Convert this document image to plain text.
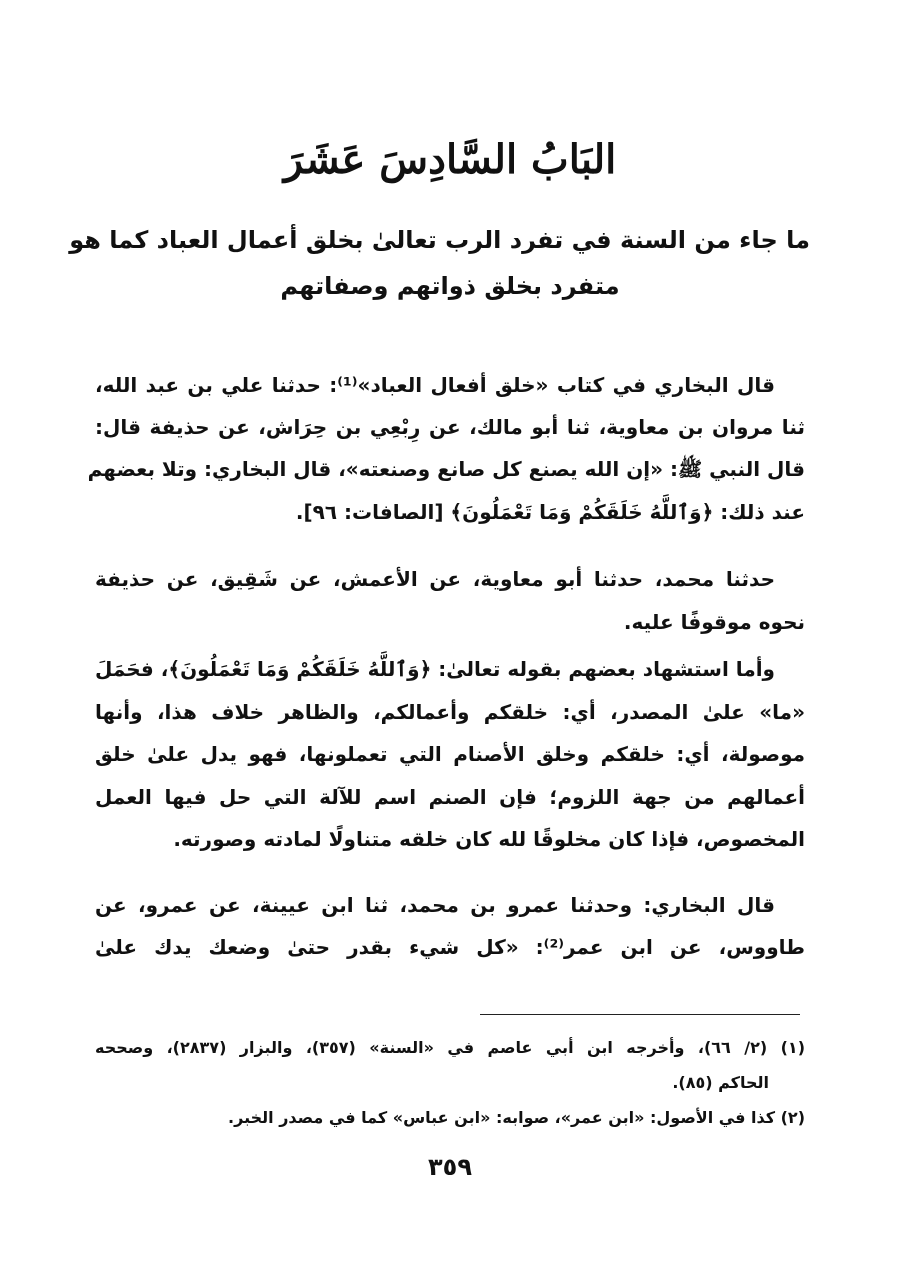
البَابُ السَّادِسَ عَشَرَ
ما جاء من السنة في تفرد الرب تعالىٰ بخلق أعمال العباد كما هو
متفرد بخلق ذواتهم وصفاتهم
قال البخاري في كتاب «خلق أفعال العباد»⁽¹⁾: حدثنا علي بن عبد الله،
ثنا مروان بن معاوية، ثنا أبو مالك، عن رِبْعِي بن حِرَاش، عن حذيفة قال:
قال النبي ﷺ: «إن الله يصنع كل صانع وصنعته»، قال البخاري: وتلا بعضهم
عند ذلك: ﴿وَٱللَّهُ خَلَقَكُمْ وَمَا تَعْمَلُونَ﴾ [الصافات: ٩٦].
حدثنا محمد، حدثنا أبو معاوية، عن الأعمش، عن شَقِيق، عن حذيفة
نحوه موقوفًا عليه.
وأما استشهاد بعضهم بقوله تعالىٰ: ﴿وَٱللَّهُ خَلَقَكُمْ وَمَا تَعْمَلُونَ﴾، فحَمَلَ
«ما» علىٰ المصدر، أي: خلقكم وأعمالكم، والظاهر خلاف هذا، وأنها
موصولة، أي: خلقكم وخلق الأصنام التي تعملونها، فهو يدل علىٰ خلق
أعمالهم من جهة اللزوم؛ فإن الصنم اسم للآلة التي حل فيها العمل
المخصوص، فإذا كان مخلوقًا لله كان خلقه متناولًا لمادته وصورته.
قال البخاري: وحدثنا عمرو بن محمد، ثنا ابن عيينة، عن عمرو، عن
طاووس، عن ابن عمر⁽²⁾: «كل شيء بقدر حتىٰ وضعك يدك علىٰ
(١) (٢/ ٦٦)، وأخرجه ابن أبي عاصم في «السنة» (٣٥٧)، والبزار (٢٨٣٧)، وصححه
الحاكم (٨٥).
(٢) كذا في الأصول: «ابن عمر»، صوابه: «ابن عباس» كما في مصدر الخبر.
٣٥٩
